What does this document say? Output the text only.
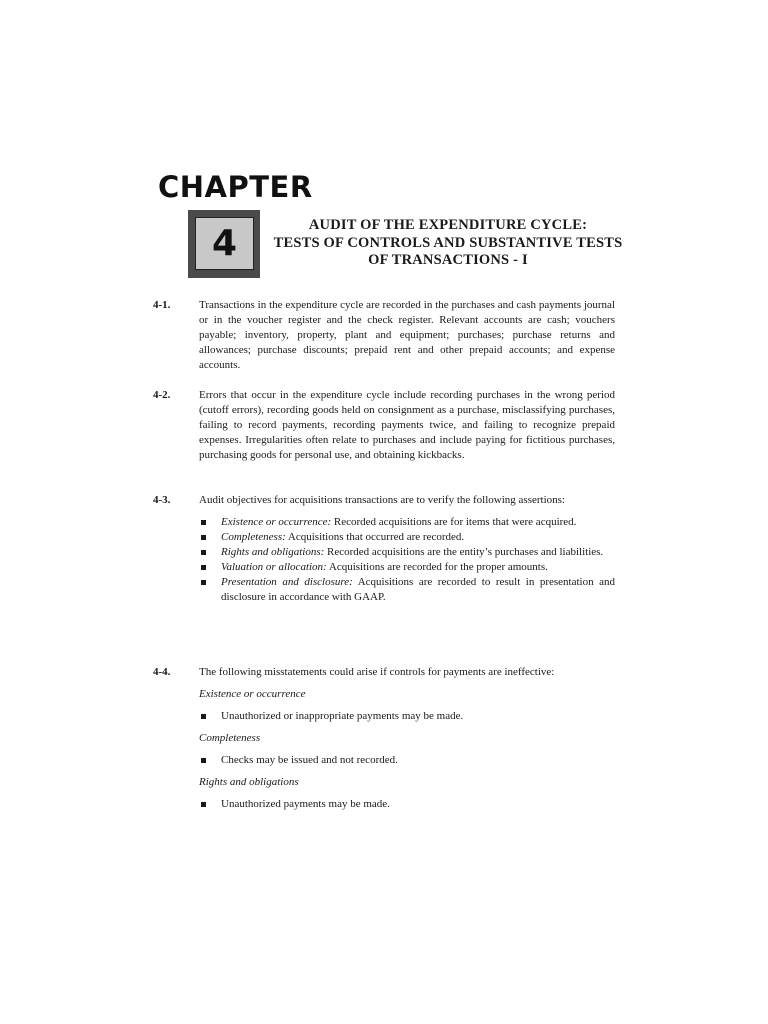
CHAPTER
4	AUDIT OF THE EXPENDITURE CYCLE:
TESTS OF CONTROLS AND SUBSTANTIVE TESTS
OF TRANSACTIONS - I
4-1.	Transactions in the expenditure cycle are recorded in the purchases and cash payments journal or in the voucher register and the check register. Relevant accounts are cash; vouchers payable; inventory, property, plant and equipment; purchases; purchase returns and allowances; purchase discounts; prepaid rent and other prepaid accounts; and expense accounts.

4-2.	Errors that occur in the expenditure cycle include recording purchases in the wrong period (cutoff errors), recording goods held on consignment as a purchase, misclassifying purchases, failing to record payments, recording payments twice, and failing to recognize prepaid expenses. Irregularities often relate to purchases and include paying for fictitious purchases, purchasing goods for personal use, and obtaining kickbacks.

4-3.	Audit objectives for acquisitions transactions are to verify the following assertions:

Existence or occurrence: Recorded acquisitions are for items that were acquired.
Completeness: Acquisitions that occurred are recorded.
Rights and obligations: Recorded acquisitions are the entity’s purchases and liabilities.
Valuation or allocation: Acquisitions are recorded for the proper amounts.
Presentation and disclosure: Acquisitions are recorded to result in presentation and disclosure in accordance with GAAP.
4-4.	The following misstatements could arise if controls for payments are ineffective:

Existence or occurrence
Unauthorized or inappropriate payments may be made.
Completeness
Checks may be issued and not recorded.
Rights and obligations
Unauthorized payments may be made.
